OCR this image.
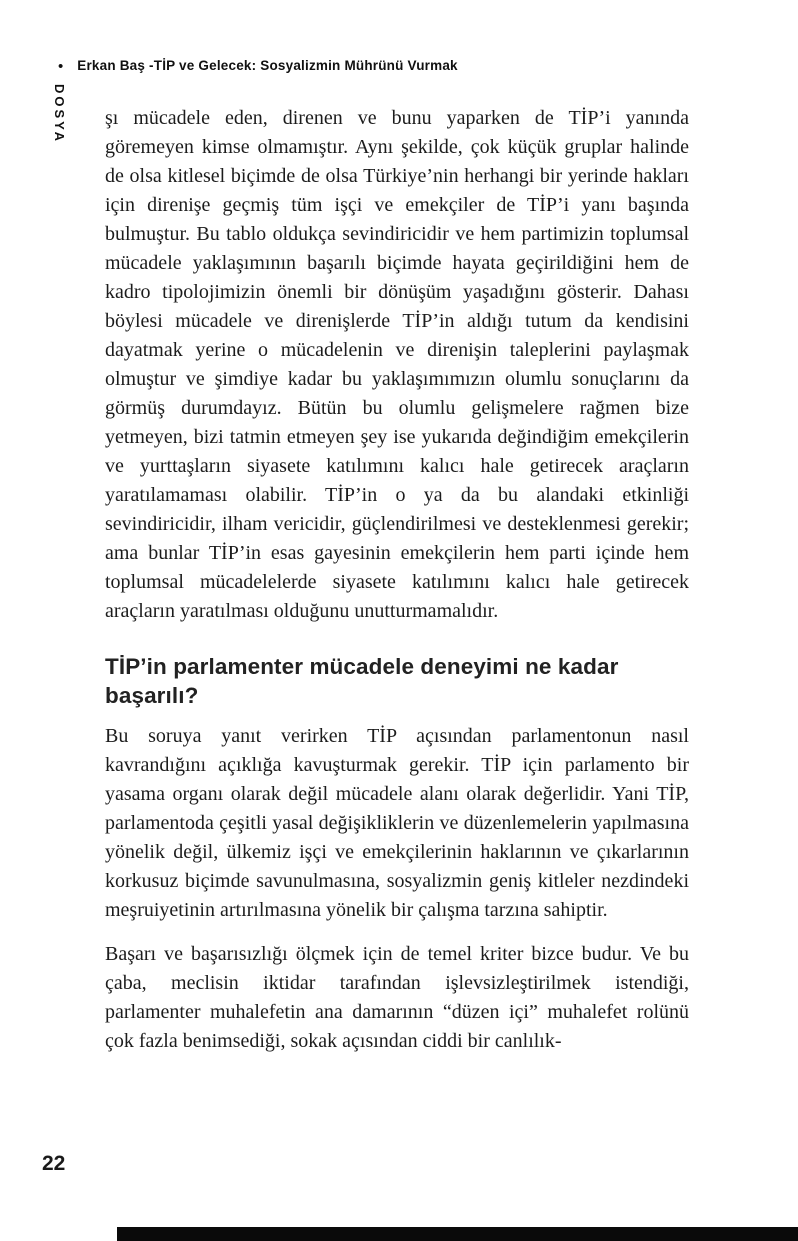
• Erkan Baş - TİP ve Gelecek: Sosyalizmin Mührünü Vurmak
DOSYA şı mücadele eden, direnen ve bunu yaparken de TİP’i yanında göremeyen kimse olmamıştır. Aynı şekilde, çok küçük gruplar halinde de olsa kitlesel biçimde de olsa Türkiye’nin herhangi bir yerinde hakları için direnişe geçmiş tüm işçi ve emekçiler de TİP’i yanı başında bulmuştur. Bu tablo oldukça sevindiricidir ve hem partimizin toplumsal mücadele yaklaşımının başarılı biçimde hayata geçirildiğini hem de kadro tipolojimizin önemli bir dönüşüm yaşadığını gösterir. Dahası böylesi mücadele ve direnişlerde TİP’in aldığı tutum da kendisini dayatmak yerine o mücadelenin ve direnişin taleplerini paylaşmak olmuştur ve şimdiye kadar bu yaklaşımımızın olumlu sonuçlarını da görmüş durumdayız. Bütün bu olumlu gelişmelere rağmen bize yetmeyen, bizi tatmin etmeyen şey ise yukarıda değindiğim emekçilerin ve yurttaşların siyasete katılımını kalıcı hale getirecek araçların yaratılamaması olabilir. TİP’in o ya da bu alandaki etkinliği sevindiricidir, ilham vericidir, güçlendirilmesi ve desteklenmesi gerekir; ama bunlar TİP’in esas gayesinin emekçilerin hem parti içinde hem toplumsal mücadelelerde siyasete katılımını kalıcı hale getirecek araçların yaratılması olduğunu unutturmamalıdır.

TİP’in parlamenter mücadele deneyimi ne kadar başarılı?

Bu soruya yanıt verirken TİP açısından parlamentonun nasıl kavrandığını açıklığa kavuşturmak gerekir. TİP için parlamento bir yasama organı olarak değil mücadele alanı olarak değerlidir. Yani TİP, parlamentoda çeşitli yasal değişikliklerin ve düzenlemelerin yapılmasına yönelik değil, ülkemiz işçi ve emekçilerinin haklarının ve çıkarlarının korkusuz biçimde savunulmasına, sosyalizmin geniş kitleler nezdindeki meşruiyetinin artırılmasına yönelik bir çalışma tarzına sahiptir.

Başarı ve başarısızlığı ölçmek için de temel kriter bizce budur. Ve bu çaba, meclisin iktidar tarafından işlevsizleştirilmek istendiği, parlamenter muhalefetin ana damarının “düzen içi” muhalefet rolünü çok fazla benimsediği, sokak açısından ciddi bir canlılık-

22
